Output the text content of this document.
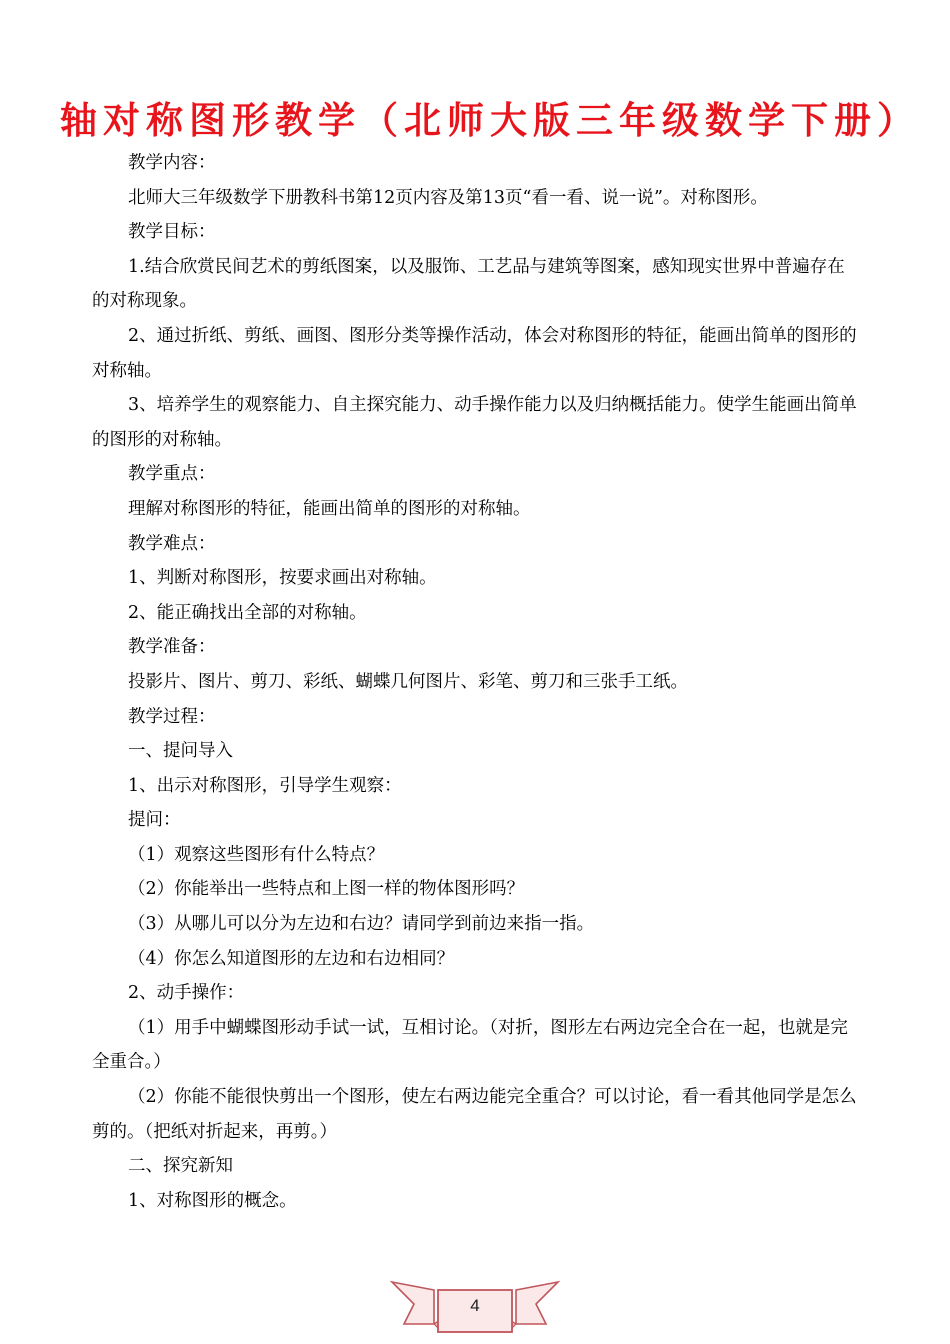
轴对称图形教学（北师大版三年级数学下册）

教学内容：

北师大三年级数学下册教科书第12页内容及第13页“看一看、说一说”。对称图形。

教学目标：

1.结合欣赏民间艺术的剪纸图案，以及服饰、工艺品与建筑等图案，感知现实世界中普遍存在的对称现象。

2、通过折纸、剪纸、画图、图形分类等操作活动，体会对称图形的特征，能画出简单的图形的对称轴。

3、培养学生的观察能力、自主探究能力、动手操作能力以及归纳概括能力。使学生能画出简单的图形的对称轴。

教学重点：

理解对称图形的特征，能画出简单的图形的对称轴。

教学难点：

1、判断对称图形，按要求画出对称轴。

2、能正确找出全部的对称轴。

教学准备：

投影片、图片、剪刀、彩纸、蝴蝶几何图片、彩笔、剪刀和三张手工纸。

教学过程：

一、提问导入

1、出示对称图形，引导学生观察：

提问：

（1）观察这些图形有什么特点？

（2）你能举出一些特点和上图一样的物体图形吗？

（3）从哪儿可以分为左边和右边？请同学到前边来指一指。

（4）你怎么知道图形的左边和右边相同？

2、动手操作：

（1）用手中蝴蝶图形动手试一试，互相讨论。（对折，图形左右两边完全合在一起，也就是完全重合。）

（2）你能不能很快剪出一个图形，使左右两边能完全重合？可以讨论，看一看其他同学是怎么剪的。（把纸对折起来，再剪。）

二、探究新知

1、对称图形的概念。

4
